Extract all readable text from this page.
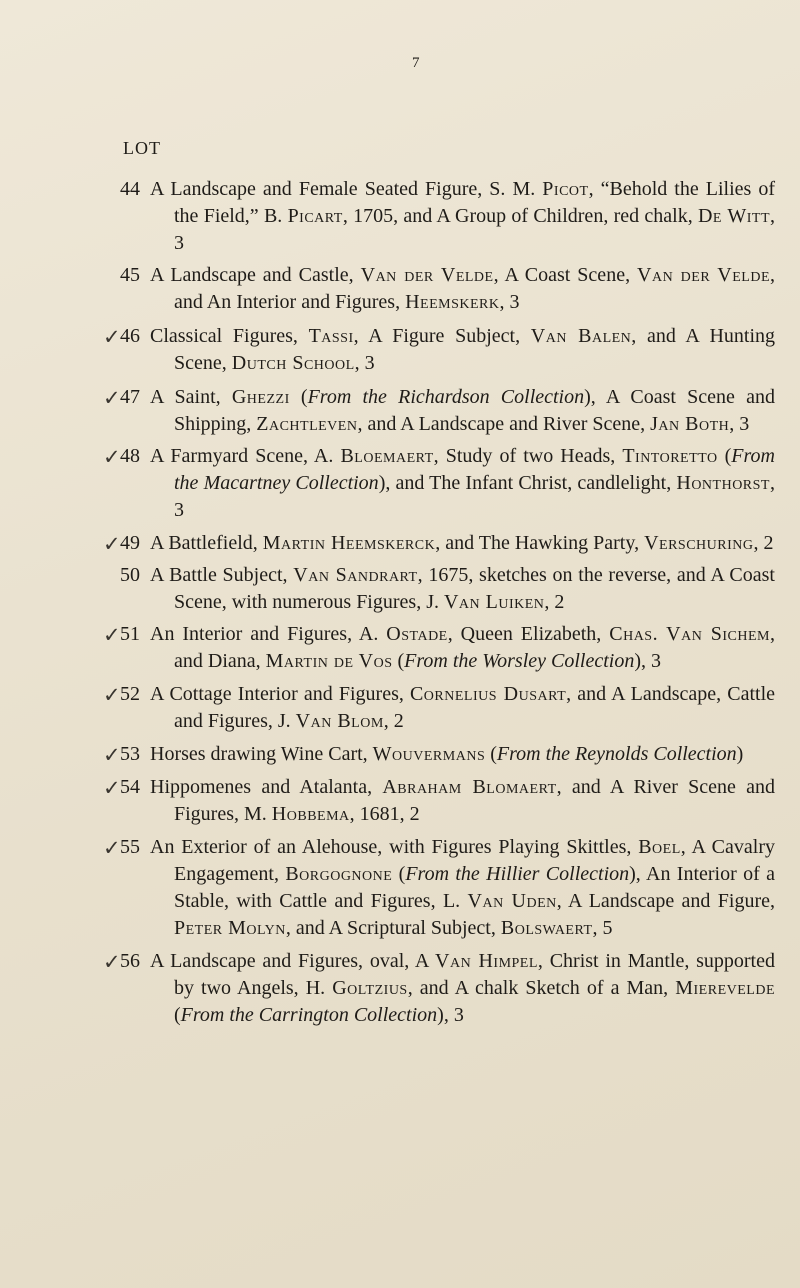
7
LOT
44 A Landscape and Female Seated Figure, S. M. Picot, “Behold the Lilies of the Field,” B. Picart, 1705, and A Group of Children, red chalk, De Witt, 3
45 A Landscape and Castle, Van der Velde, A Coast Scene, Van der Velde, and An Interior and Figures, Heemskerk, 3
✓ 46 Classical Figures, Tassi, A Figure Subject, Van Balen, and A Hunting Scene, Dutch School, 3
✓ 47 A Saint, Ghezzi (From the Richardson Collection), A Coast Scene and Shipping, Zachtleven, and A Landscape and River Scene, Jan Both, 3
✓ 48 A Farmyard Scene, A. Bloemaert, Study of two Heads, Tintoretto (From the Macartney Collection), and The Infant Christ, candlelight, Honthorst, 3
✓ 49 A Battlefield, Martin Heemskerck, and The Hawking Party, Verschuring, 2
50 A Battle Subject, Van Sandrart, 1675, sketches on the reverse, and A Coast Scene, with numerous Figures, J. Van Luiken, 2
✓ 51 An Interior and Figures, A. Ostade, Queen Elizabeth, Chas. Van Sichem, and Diana, Martin de Vos (From the Worsley Collection), 3
✓ 52 A Cottage Interior and Figures, Cornelius Dusart, and A Landscape, Cattle and Figures, J. Van Blom, 2
✓ 53 Horses drawing Wine Cart, Wouvermans (From the Reynolds Collection)
✓ 54 Hippomenes and Atalanta, Abraham Blomaert, and A River Scene and Figures, M. Hobbema, 1681, 2
✓ 55 An Exterior of an Alehouse, with Figures Playing Skittles, Boel, A Cavalry Engagement, Borgognone (From the Hillier Collection), An Interior of a Stable, with Cattle and Figures, L. Van Uden, A Landscape and Figure, Peter Molyn, and A Scriptural Subject, Bolswaert, 5
✓ 56 A Landscape and Figures, oval, A Van Himpel, Christ in Mantle, supported by two Angels, H. Goltzius, and A chalk Sketch of a Man, Mierevelde (From the Carrington Collection), 3
